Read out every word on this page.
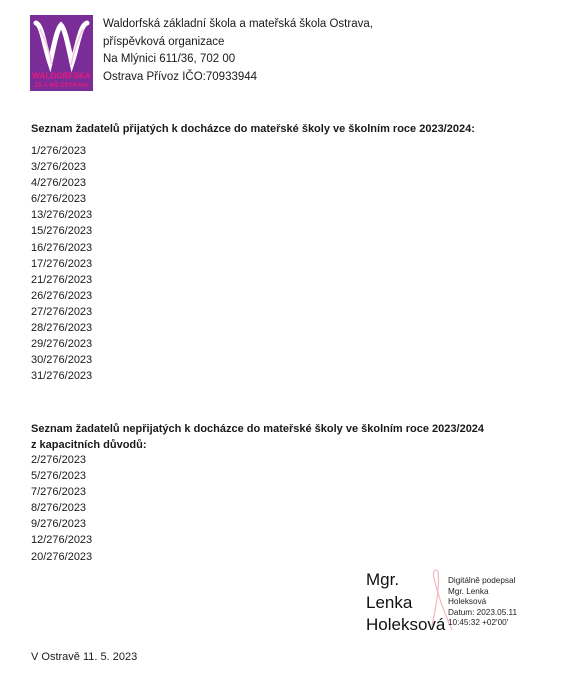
WALDORFSKÁ
ZŠ A MŠ OSTRAVA
Waldorfská základní škola a mateřská škola Ostrava,
příspěvková organizace
Na Mlýnici 611/36, 702 00
Ostrava Přívoz IČO:70933944
Seznam žadatelů přijatých k docházce do mateřské školy ve školním roce 2023/2024:
1/276/2023
3/276/2023
4/276/2023
6/276/2023
13/276/2023
15/276/2023
16/276/2023
17/276/2023
21/276/2023
26/276/2023
27/276/2023
28/276/2023
29/276/2023
30/276/2023
31/276/2023
Seznam žadatelů nepřijatých k docházce do mateřské školy ve školním roce 2023/2024
z kapacitních důvodů:
2/276/2023
5/276/2023
7/276/2023
8/276/2023
9/276/2023
12/276/2023
20/276/2023
Mgr.
Lenka
Holeksová
Digitálně podepsal
Mgr. Lenka
Holeksová
Datum: 2023.05.11
10:45:32 +02'00'
V Ostravě 11. 5. 2023
